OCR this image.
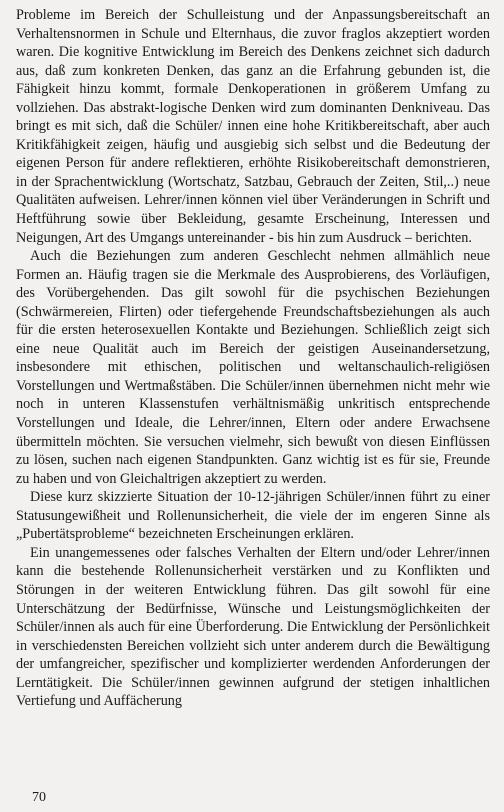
Probleme im Bereich der Schulleistung und der Anpassungsbereitschaft an Verhaltensnormen in Schule und Elternhaus, die zuvor fraglos akzeptiert worden waren. Die kognitive Entwicklung im Bereich des Denkens zeichnet sich dadurch aus, daß zum konkreten Denken, das ganz an die Erfahrung gebunden ist, die Fähigkeit hinzu kommt, formale Denkoperationen in größerem Umfang zu vollziehen. Das abstrakt-logische Denken wird zum dominanten Denkniveau. Das bringt es mit sich, daß die Schüler/ innen eine hohe Kritikbereitschaft, aber auch Kritikfähigkeit zeigen, häufig und ausgiebig sich selbst und die Bedeutung der eigenen Person für andere reflektieren, erhöhte Risikobereitschaft demonstrieren, in der Sprachentwicklung (Wortschatz, Satzbau, Gebrauch der Zeiten, Stil,..) neue Qualitäten aufweisen. Lehrer/innen können viel über Veränderungen in Schrift und Heftführung sowie über Bekleidung, gesamte Erscheinung, Interessen und Neigungen, Art des Umgangs untereinander - bis hin zum Ausdruck – berichten.

Auch die Beziehungen zum anderen Geschlecht nehmen allmählich neue Formen an. Häufig tragen sie die Merkmale des Ausprobierens, des Vorläufigen, des Vorübergehenden. Das gilt sowohl für die psychischen Beziehungen (Schwärmereien, Flirten) oder tiefergehende Freundschaftsbeziehungen als auch für die ersten heterosexuellen Kontakte und Beziehungen. Schließlich zeigt sich eine neue Qualität auch im Bereich der geistigen Auseinandersetzung, insbesondere mit ethischen, politischen und weltanschaulich-religiösen Vorstellungen und Wertmaßstäben. Die Schüler/innen übernehmen nicht mehr wie noch in unteren Klassenstufen verhältnismäßig unkritisch entsprechende Vorstellungen und Ideale, die Lehrer/innen, Eltern oder andere Erwachsene übermitteln möchten. Sie versuchen vielmehr, sich bewußt von diesen Einflüssen zu lösen, suchen nach eigenen Standpunkten. Ganz wichtig ist es für sie, Freunde zu haben und von Gleichaltrigen akzeptiert zu werden.

Diese kurz skizzierte Situation der 10-12-jährigen Schüler/innen führt zu einer Statusungewißheit und Rollenunsicherheit, die viele der im engeren Sinne als „Pubertätsprobleme“ bezeichneten Erscheinungen erklären.

Ein unangemessenes oder falsches Verhalten der Eltern und/oder Lehrer/innen kann die bestehende Rollenunsicherheit verstärken und zu Konflikten und Störungen in der weiteren Entwicklung führen. Das gilt sowohl für eine Unterschätzung der Bedürfnisse, Wünsche und Leistungsmöglichkeiten der Schüler/innen als auch für eine Überforderung. Die Entwicklung der Persönlichkeit in verschiedensten Bereichen vollzieht sich unter anderem durch die Bewältigung der umfangreicher, spezifischer und komplizierter werdenden Anforderungen der Lerntätigkeit. Die Schüler/innen gewinnen aufgrund der stetigen inhaltlichen Vertiefung und Auffächerung

70
